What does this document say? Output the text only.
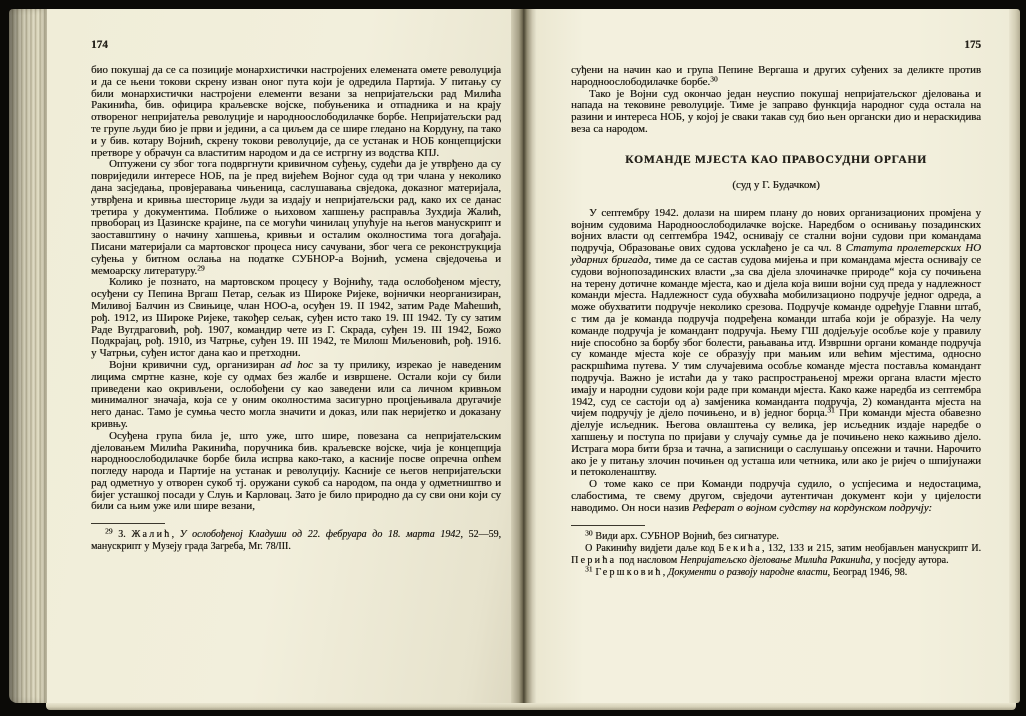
174

био покушај да се са позиције монархистички настројених елемената омете револуција и да се њени токови скрену изван оног пута који је одредила Партија. У питању су били монархистички настројени елементи везани за непријатељски рад Милића Ракинића, бив. официра краљевске војске, побуњеника и отпадника и на крају отвореног непријатеља револуције и народноослободилачке борбе. Непријатељски рад те групе људи био је први и једини, а са циљем да се шире гледано на Кордуну, па тако и у бив. котару Војнић, скрену токови револуције, да се устанак и НОБ концепцијски претворе у обрачун са властитим народом и да се истргну из водства КПЈ.

Оптужени су због тога подвргнути кривичном суђењу, судећи да је утврђено да су повриједили интересе НОБ, па је пред вијећем Војног суда од три члана у неколико дана засједања, провјеравања чињеница, саслушавања свједока, доказног материјала, утврђена и кривња шесторице људи за издају и непријатељски рад, како их се данас третира у документима. Поближе о њиховом хапшењу расправља Зухдија Жалић, првоборац из Цазинске крајине, па се могући чинилац упућује на његов манускрипт и заоставштину о начину хапшења, кривњи и осталим околностима тога догађаја. Писани материјали са мартовског процеса нису сачувани, због чега се реконструкција суђења у битном ослања на податке СУБНОР-а Војнић, усмена свједочења и мемоарску литературу.$^{29}$

Колико је познато, на мартовском процесу у Војнићу, тада ослобођеном мјесту, осуђени су Пепина Вргаш Петар, сељак из Широке Ријеке, војнички неорганизиран, Миливој Балчин из Свињице, члан НОО-а, осуђен 19. II 1942, затим Раде Маћешић, рођ. 1912, из Широке Ријеке, такођер сељак, суђен исто тако 19. III 1942. Ту су затим Раде Вугдраговић, рођ. 1907, командир чете из Г. Скрада, суђен 19. III 1942, Божо Подкрајац, рођ. 1910, из Чатрње, суђен 19. III 1942, те Милош Миљеновић, рођ. 1916. у Чатрњи, суђен истог дана као и претходни.

Војни кривични суд, организиран ad hoc за ту прилику, изрекао је наведеним лицима смртне казне, које су одмах без жалбе и извршене. Остали који су били приведени као окривљени, ослобођени су као заведени или са личном кривњом минималног значаја, која се у оним околностима засигурно процјењивала другачије него данас. Тамо је сумња често могла значити и доказ, или пак неријетко и доказану кривњу.

Осуђена група била је, што уже, што шире, повезана са непријатељским дјеловањем Милића Ракинића, поручника бив. краљевске војске, чија је концепција народноослободилачке борбе била испрва како-тако, а касније посве опречна опћем погледу народа и Партије на устанак и револуцију. Касније се његов непријатељски рад одметнуо у отворен сукоб тј. оружани сукоб са народом, па онда у одметништво и бијег усташкој посади у Слуњ и Карловац. Зато је било природно да су сви они који су били са њим уже или шире везани,

$^{29}$ З. Жалић, У ослобођеној Кладуши од 22. фебруара до 18. марта 1942, 52—59, манускрипт у Музеју града Загреба, Мг. 78/III.

175

суђени на начин као и група Пепине Вергаша и других суђених за деликте против народноослободилачке борбе.$^{30}$

Тако је Војни суд окончао један неуспио покушај непријатељског дјеловања и напада на тековине револуције. Тиме је заправо функција народног суда остала на разини и интереса НОБ, у којој је сваки такав суд био њен органски дио и нераскидива веза са народом.

КОМАНДЕ МЈЕСТА КАО ПРАВОСУДНИ ОРГАНИ
(суд у Г. Будачком)

У септембру 1942. долази на ширем плану до нових организационих промјена у војним судовима Народноослободилачке војске. Наредбом о оснивању позадинских војних власти од септембра 1942, оснивају се стални војни судови при командама подручја, Образовање ових судова усклађено је са чл. 8 Статута пролетерских НО ударних бригада, тиме да се састав судова мијења и при командама мјеста оснивају се судови војнопозадинских власти „за сва дјела злочиначке природе“ која су почињена на терену дотичне команде мјеста, као и дјела која виши војни суд преда у надлежност команди мјеста. Надлежност суда обухваћа мобилизационо подручје једног одреда, а може обухватити подручје неколико срезова. Подручје команде одређује Главни штаб, с тим да је команда подручја подређена команди штаба који је образује. На челу команде подручја је командант подручја. Њему ГШ додјељује особље које у правилу није способно за борбу због болести, рањавања итд. Извршни органи команде подручја су команде мјеста које се образују при мањим или већим мјестима, односно раскршћима путева. У тим случајевима особље команде мјеста поставља командант подручја. Важно је истаћи да у тако распрострањеној мрежи органа власти мјесто имају и народни судови који раде при команди мјеста. Како каже наредба из септембра 1942, суд се састоји од а) замјеника команданта подручја, 2) команданта мјеста на чијем подручју је дјело почињено, и в) једног борца.$^{31}$ При команди мјеста обавезно дјелује исљедник. Његова овлаштења су велика, јер исљедник издаје наредбе о хапшењу и поступа по пријави у случају сумње да је почињено неко кажњиво дјело. Истрага мора бити брза и тачна, а записници о саслушању опсежни и тачни. Нарочито ако је у питању злочин почињен од усташа или четника, или ако је ријеч о шпијунажи и петоколенаштву.

О томе како се при Команди подручја судило, о успјесима и недостацима, слабостима, те свему другом, свједочи аутентичан документ који у цијелости наводимо. Он носи назив Реферат о војном судству на кордунском подручју:

$^{30}$ Види арх. СУБНОР Војнић, без сигнатуре.

О Ракинићу видјети даље код Бекића, 132, 133 и 215, затим необјављен манускрипт И. Перића под насловом Непријатељско дјеловање Милића Ракинића, у посједу аутора.

$^{31}$ Гершковић, Документи о развоју народне власти, Београд 1946, 98.
